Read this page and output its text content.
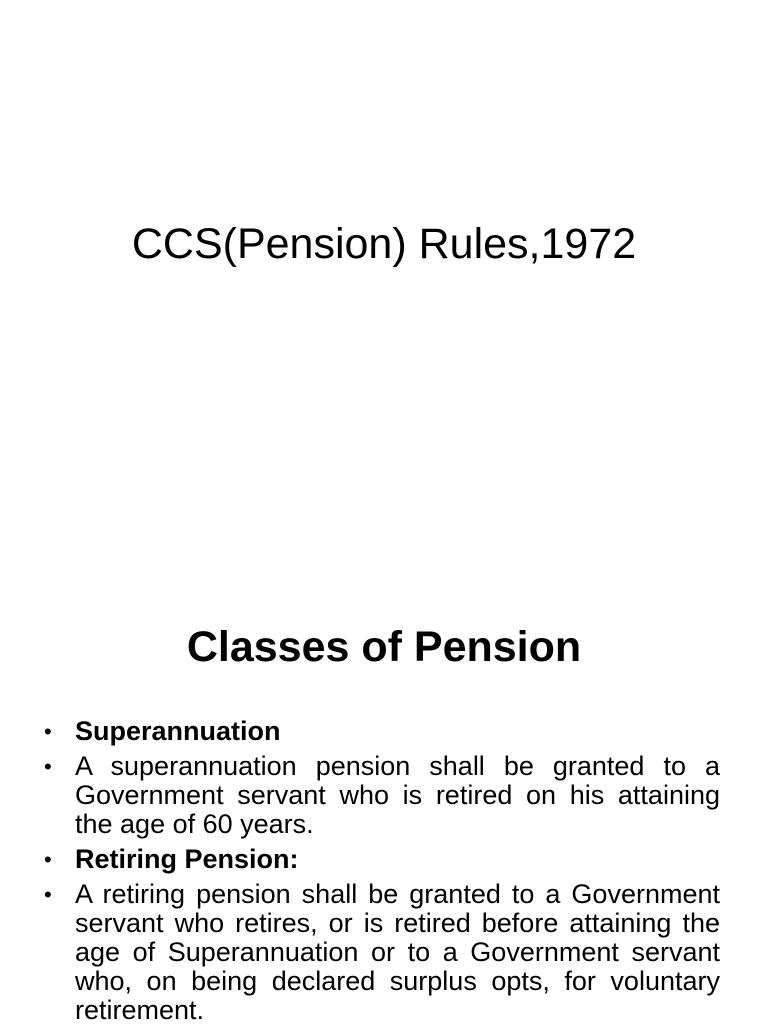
CCS(Pension) Rules,1972
Classes of Pension
• Superannuation
• A superannuation pension shall be granted to a Government servant who is retired on his attaining the age of 60 years.
• Retiring Pension:
• A retiring pension shall be granted to a Government servant who retires, or is retired before attaining the age of Superannuation or to a Government servant who, on being declared surplus opts, for voluntary retirement.
